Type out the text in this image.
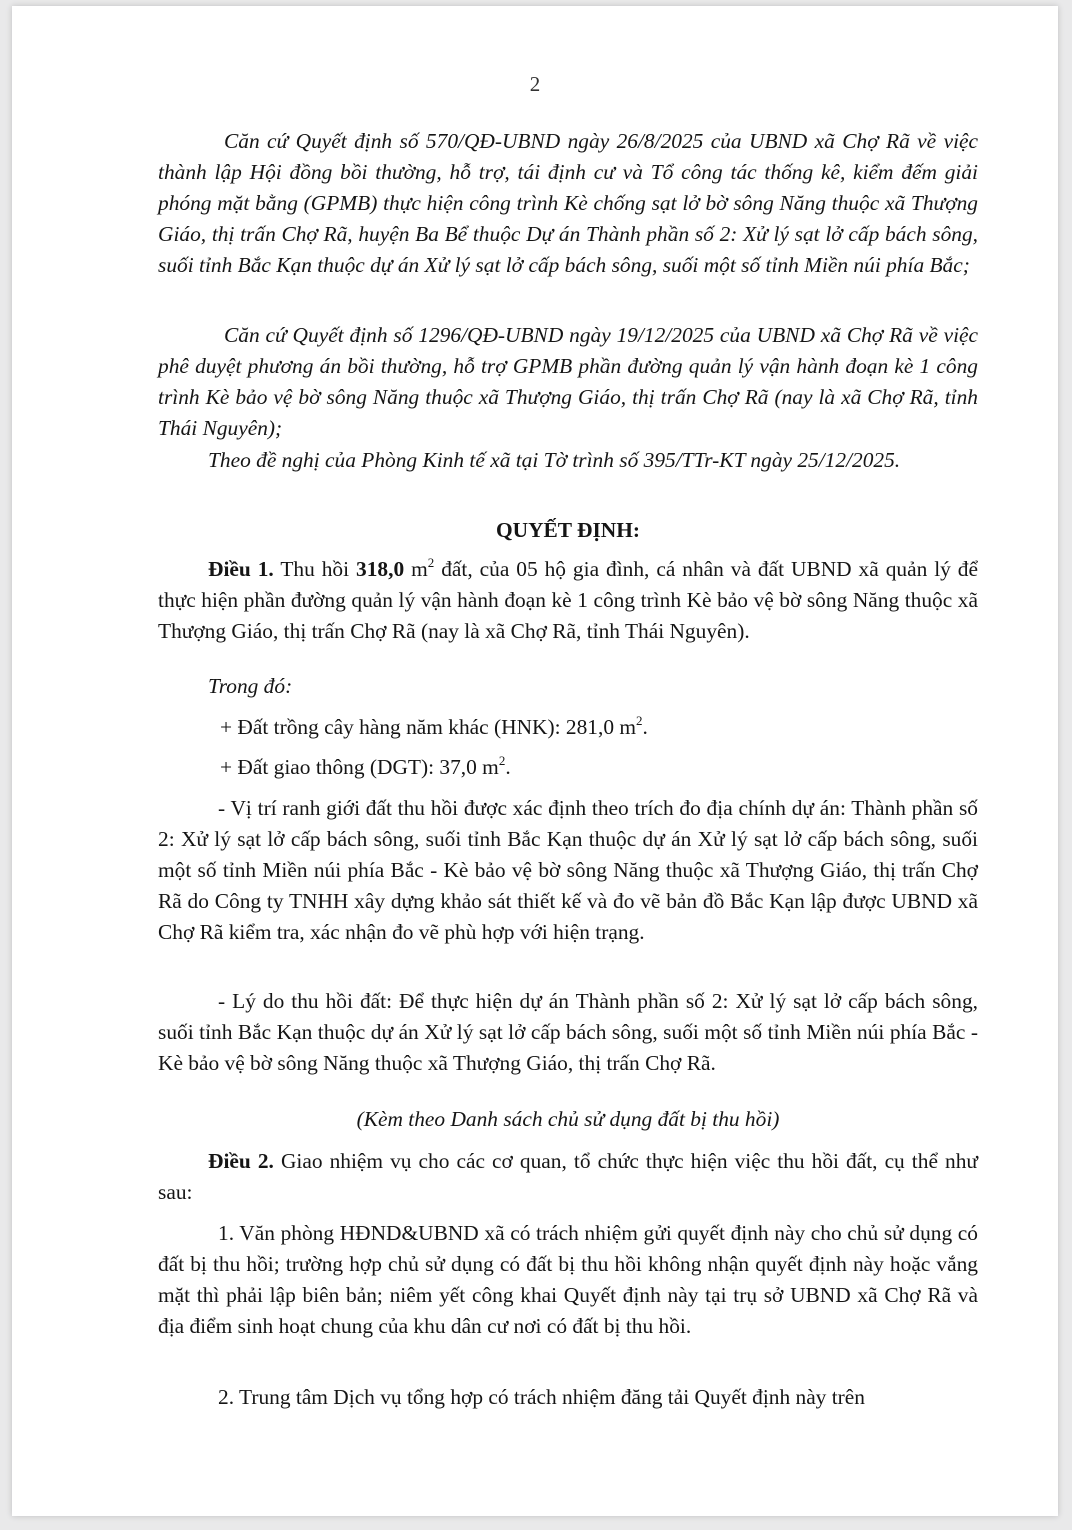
2
Căn cứ Quyết định số 570/QĐ-UBND ngày 26/8/2025 của UBND xã Chợ Rã về việc thành lập Hội đồng bồi thường, hỗ trợ, tái định cư và Tổ công tác thống kê, kiểm đếm giải phóng mặt bằng (GPMB) thực hiện công trình Kè chống sạt lở bờ sông Năng thuộc xã Thượng Giáo, thị trấn Chợ Rã, huyện Ba Bể thuộc Dự án Thành phần số 2: Xử lý sạt lở cấp bách sông, suối tỉnh Bắc Kạn thuộc dự án Xử lý sạt lở cấp bách sông, suối một số tỉnh Miền núi phía Bắc;
Căn cứ Quyết định số 1296/QĐ-UBND ngày 19/12/2025 của UBND xã Chợ Rã về việc phê duyệt phương án bồi thường, hỗ trợ GPMB phần đường quản lý vận hành đoạn kè 1 công trình Kè bảo vệ bờ sông Năng thuộc xã Thượng Giáo, thị trấn Chợ Rã (nay là xã Chợ Rã, tỉnh Thái Nguyên);
Theo đề nghị của Phòng Kinh tế xã tại Tờ trình số 395/TTr-KT ngày 25/12/2025.
QUYẾT ĐỊNH:
Điều 1. Thu hồi 318,0 $m^2$ đất, của 05 hộ gia đình, cá nhân và đất UBND xã quản lý để thực hiện phần đường quản lý vận hành đoạn kè 1 công trình Kè bảo vệ bờ sông Năng thuộc xã Thượng Giáo, thị trấn Chợ Rã (nay là xã Chợ Rã, tỉnh Thái Nguyên).
Trong đó:
+ Đất trồng cây hàng năm khác (HNK): 281,0 $m^2$.
+ Đất giao thông (DGT): 37,0 $m^2$.
- Vị trí ranh giới đất thu hồi được xác định theo trích đo địa chính dự án: Thành phần số 2: Xử lý sạt lở cấp bách sông, suối tỉnh Bắc Kạn thuộc dự án Xử lý sạt lở cấp bách sông, suối một số tỉnh Miền núi phía Bắc - Kè bảo vệ bờ sông Năng thuộc xã Thượng Giáo, thị trấn Chợ Rã do Công ty TNHH xây dựng khảo sát thiết kế và đo vẽ bản đồ Bắc Kạn lập được UBND xã Chợ Rã kiểm tra, xác nhận đo vẽ phù hợp với hiện trạng.
- Lý do thu hồi đất: Để thực hiện dự án Thành phần số 2: Xử lý sạt lở cấp bách sông, suối tỉnh Bắc Kạn thuộc dự án Xử lý sạt lở cấp bách sông, suối một số tỉnh Miền núi phía Bắc - Kè bảo vệ bờ sông Năng thuộc xã Thượng Giáo, thị trấn Chợ Rã.
(Kèm theo Danh sách chủ sử dụng đất bị thu hồi)
Điều 2. Giao nhiệm vụ cho các cơ quan, tổ chức thực hiện việc thu hồi đất, cụ thể như sau:
1. Văn phòng HĐND&UBND xã có trách nhiệm gửi quyết định này cho chủ sử dụng có đất bị thu hồi; trường hợp chủ sử dụng có đất bị thu hồi không nhận quyết định này hoặc vắng mặt thì phải lập biên bản; niêm yết công khai Quyết định này tại trụ sở UBND xã Chợ Rã và địa điểm sinh hoạt chung của khu dân cư nơi có đất bị thu hồi.
2. Trung tâm Dịch vụ tổng hợp có trách nhiệm đăng tải Quyết định này trên
